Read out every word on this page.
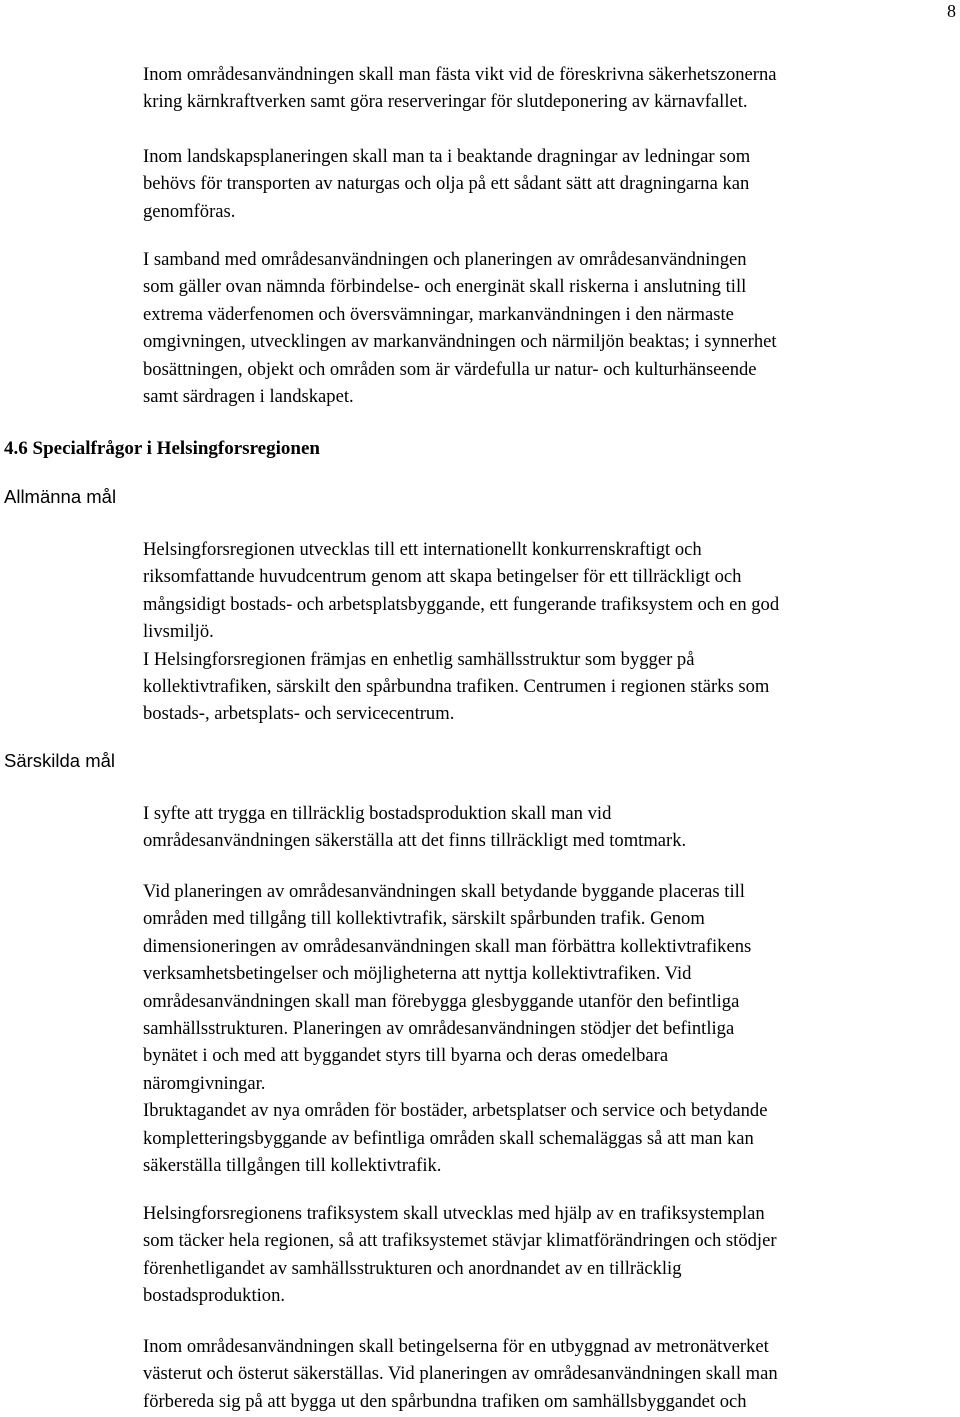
8

Inom områdesanvändningen skall man fästa vikt vid de föreskrivna säkerhetszonerna
kring kärnkraftverken samt göra reserveringar för slutdeponering av kärnavfallet.

Inom landskapsplaneringen skall man ta i beaktande dragningar av ledningar som
behövs för transporten av naturgas och olja på ett sådant sätt att dragningarna kan
genomföras.

I samband med områdesanvändningen och planeringen av områdesanvändningen
som gäller ovan nämnda förbindelse- och energinät skall riskerna i anslutning till
extrema väderfenomen och översvämningar, markanvändningen i den närmaste
omgivningen, utvecklingen av markanvändningen och närmiljön beaktas; i synnerhet
bosättningen, objekt och områden som är värdefulla ur natur- och kulturhänseende
samt särdragen i landskapet.

4.6 Specialfrågor i Helsingforsregionen
Allmänna mål

Helsingforsregionen utvecklas till ett internationellt konkurrenskraftigt och
riksomfattande huvudcentrum genom att skapa betingelser för ett tillräckligt och
mångsidigt bostads- och arbetsplatsbyggande, ett fungerande trafiksystem och en god
livsmiljö.
I Helsingforsregionen främjas en enhetlig samhällsstruktur som bygger på
kollektivtrafiken, särskilt den spårbundna trafiken. Centrumen i regionen stärks som
bostads-, arbetsplats- och servicecentrum.

Särskilda mål

I syfte att trygga en tillräcklig bostadsproduktion skall man vid
områdesanvändningen säkerställa att det finns tillräckligt med tomtmark.

Vid planeringen av områdesanvändningen skall betydande byggande placeras till
områden med tillgång till kollektivtrafik, särskilt spårbunden trafik. Genom
dimensioneringen av områdesanvändningen skall man förbättra kollektivtrafikens
verksamhetsbetingelser och möjligheterna att nyttja kollektivtrafiken. Vid
områdesanvändningen skall man förebygga glesbyggande utanför den befintliga
samhällsstrukturen. Planeringen av områdesanvändningen stödjer det befintliga
bynätet i och med att byggandet styrs till byarna och deras omedelbara
näromgivningar.
Ibruktagandet av nya områden för bostäder, arbetsplatser och service och betydande
kompletteringsbyggande av befintliga områden skall schemaläggas så att man kan
säkerställa tillgången till kollektivtrafik.

Helsingforsregionens trafiksystem skall utvecklas med hjälp av en trafiksystemplan
som täcker hela regionen, så att trafiksystemet stävjar klimatförändringen och stödjer
förenhetligandet av samhällsstrukturen och anordnandet av en tillräcklig
bostadsproduktion.

Inom områdesanvändningen skall betingelserna för en utbyggnad av metronätverket
västerut och österut säkerställas. Vid planeringen av områdesanvändningen skall man
förbereda sig på att bygga ut den spårbundna trafiken om samhällsbyggandet och
